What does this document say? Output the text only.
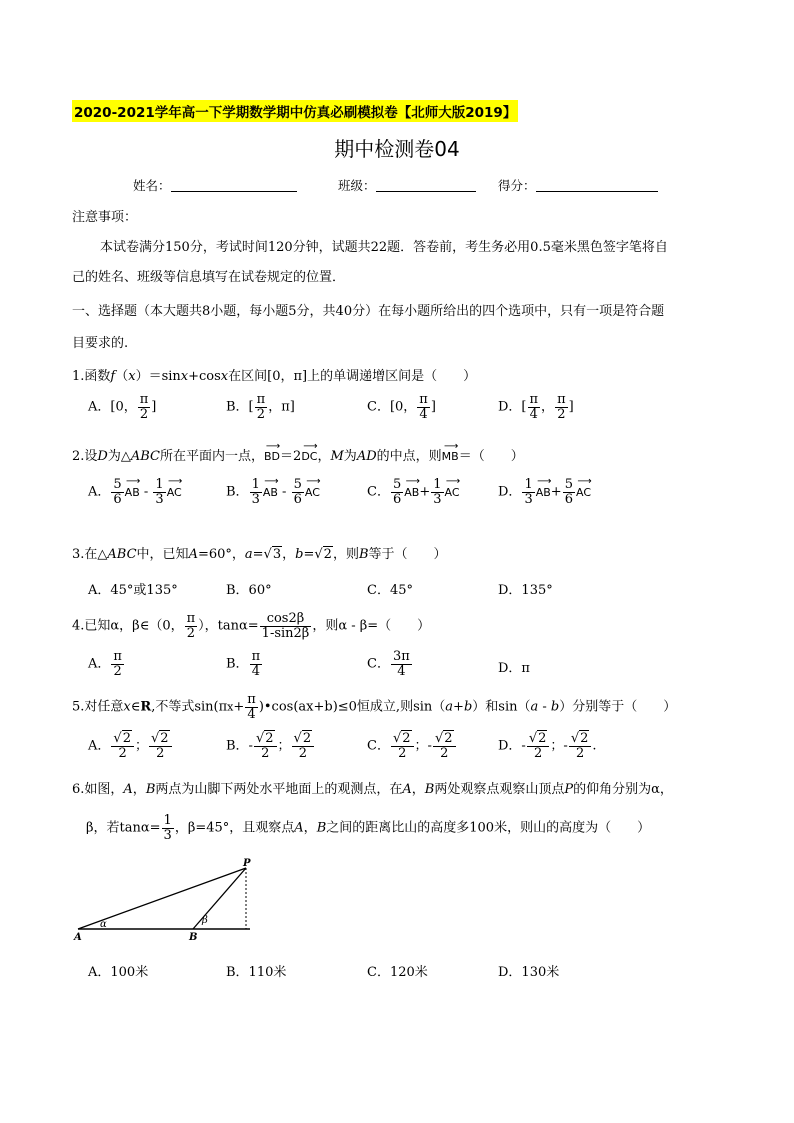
2020-2021学年高一下学期数学期中仿真必刷模拟卷【北师大版2019】
期中检测卷04
姓名：	班级：	得分：
注意事项：
本试卷满分150分，考试时间120分钟，试题共22题．答卷前，考生务必用0.5毫米黑色签字笔将自
己的姓名、班级等信息填写在试卷规定的位置．
一、选择题（本大题共8小题，每小题5分，共40分）在每小题所给出的四个选项中，只有一项是符合题
目要求的.
1.函数f（x）＝sinx+cosx在区间[0，π]上的单调递增区间是（　　）
A．[0， $\frac{\pi}{2}$ ]	B．[ $\frac{\pi}{2}$ ，π]	C．[0， $\frac{\pi}{4}$ ]	D．[ $\frac{\pi}{4}$ ， $\frac{\pi}{2}$ ]
2.设D为△ABC所在平面内一点，⟶ BD＝2⟶ DC，M为AD的中点，则⟶ MB＝（　　）
A． $\frac{5}{6}$ ⟶ AB - $\frac{1}{3}$ ⟶ AC	B． $\frac{1}{3}$ ⟶ AB - $\frac{5}{6}$ ⟶ AC	C． $\frac{5}{6}$ ⟶ $AB+ \frac{1}{3}$ ⟶ AC	D． $\frac{1}{3}$ ⟶ $AB+ \frac{5}{6}$ ⟶ AC
3.在△ABC中，已知A=60°，a=√3，b=√2，则B等于（　　）
A．45°或135°	B．60°	C．45°	D．135°
4.已知α，β∈（0， $\frac{\pi}{2}$ ），$\tan\alpha= \frac{\cos 2\beta}{1-\sin 2\beta}$ ，则α - β=（　　）
A． $\frac{\pi}{2}$	B． $\frac{\pi}{4}$	C． $\frac{3\pi}{4}$	D．π
5.对任意x∈R,不等式$\sin(\pi x+ \frac{\pi}{4}$ )•cos(ax+b)≤0恒成立,则sin（a+b）和sin（a - b）分别等于（　　）
A． $\frac{√2}{2}$ ； $\frac{√2}{2}$	B．- $\frac{√2}{2}$ ； $\frac{√2}{2}$	C． $\frac{√2}{2}$ ；- $\frac{√2}{2}$	D．- $\frac{√2}{2}$ ；- $\frac{√2}{2}$ .
6.如图，A，B两点为山脚下两处水平地面上的观测点，在A，B两处观察点观察山顶点P的仰角分别为α，
β，若$\tan\alpha= \frac{1}{3}$ ，β=45°，且观察点A，B之间的距离比山的高度多100米，则山的高度为（　　）
P
A	B
α	β
A．100米	B．110米	C．120米	D．130米
